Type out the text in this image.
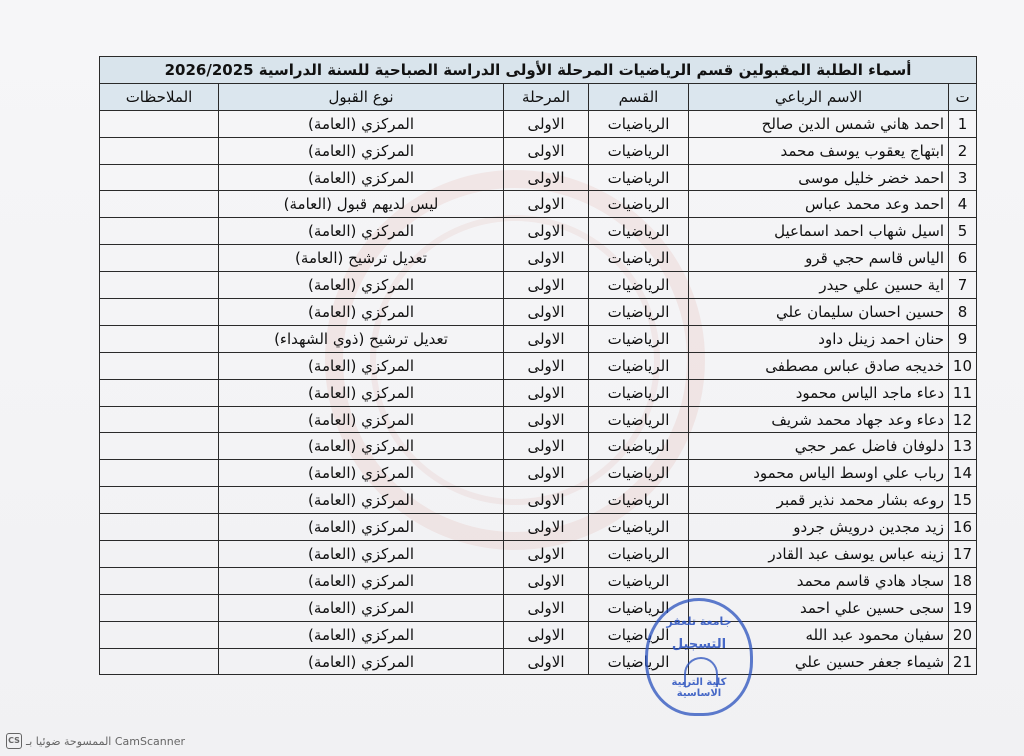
أسماء الطلبة المقبولين قسم الرياضيات المرحلة الأولى الدراسة الصباحية للسنة الدراسية 2026/2025					
ت	الاسم الرباعي	القسم	المرحلة	نوع القبول	الملاحظات
1	احمد هاني شمس الدين صالح	الرياضيات	الاولى	المركزي (العامة)	
2	ابتهاج يعقوب يوسف محمد	الرياضيات	الاولى	المركزي (العامة)	
3	احمد خضر خليل موسى	الرياضيات	الاولى	المركزي (العامة)	
4	احمد وعد محمد عباس	الرياضيات	الاولى	ليس لديهم قبول (العامة)	
5	اسيل شهاب احمد اسماعيل	الرياضيات	الاولى	المركزي (العامة)	
6	الياس قاسم حجي قرو	الرياضيات	الاولى	تعديل ترشيح (العامة)	
7	اية حسين علي حيدر	الرياضيات	الاولى	المركزي (العامة)	
8	حسين احسان سليمان علي	الرياضيات	الاولى	المركزي (العامة)	
9	حنان احمد زينل داود	الرياضيات	الاولى	تعديل ترشيح (ذوي الشهداء)	
10	خديجه صادق عباس مصطفى	الرياضيات	الاولى	المركزي (العامة)	
11	دعاء ماجد الياس محمود	الرياضيات	الاولى	المركزي (العامة)	
12	دعاء وعد جهاد محمد شريف	الرياضيات	الاولى	المركزي (العامة)	
13	دلوفان فاضل عمر حجي	الرياضيات	الاولى	المركزي (العامة)	
14	رباب علي اوسط الياس محمود	الرياضيات	الاولى	المركزي (العامة)	
15	روعه بشار محمد نذير قمبر	الرياضيات	الاولى	المركزي (العامة)	
16	زيد مجدين درويش جردو	الرياضيات	الاولى	المركزي (العامة)	
17	زينه عباس يوسف عبد القادر	الرياضيات	الاولى	المركزي (العامة)	
18	سجاد هادي قاسم محمد	الرياضيات	الاولى	المركزي (العامة)	
19	سجى حسين علي احمد	الرياضيات	الاولى	المركزي (العامة)	
20	سفيان محمود عبد الله	الرياضيات	الاولى	المركزي (العامة)	
21	شيماء جعفر حسين علي	الرياضيات	الاولى	المركزي (العامة)	
جامعة تلعفر
التسجيل
كلية التربية الاساسية
CS الممسوحة ضوئيا بـ CamScanner
